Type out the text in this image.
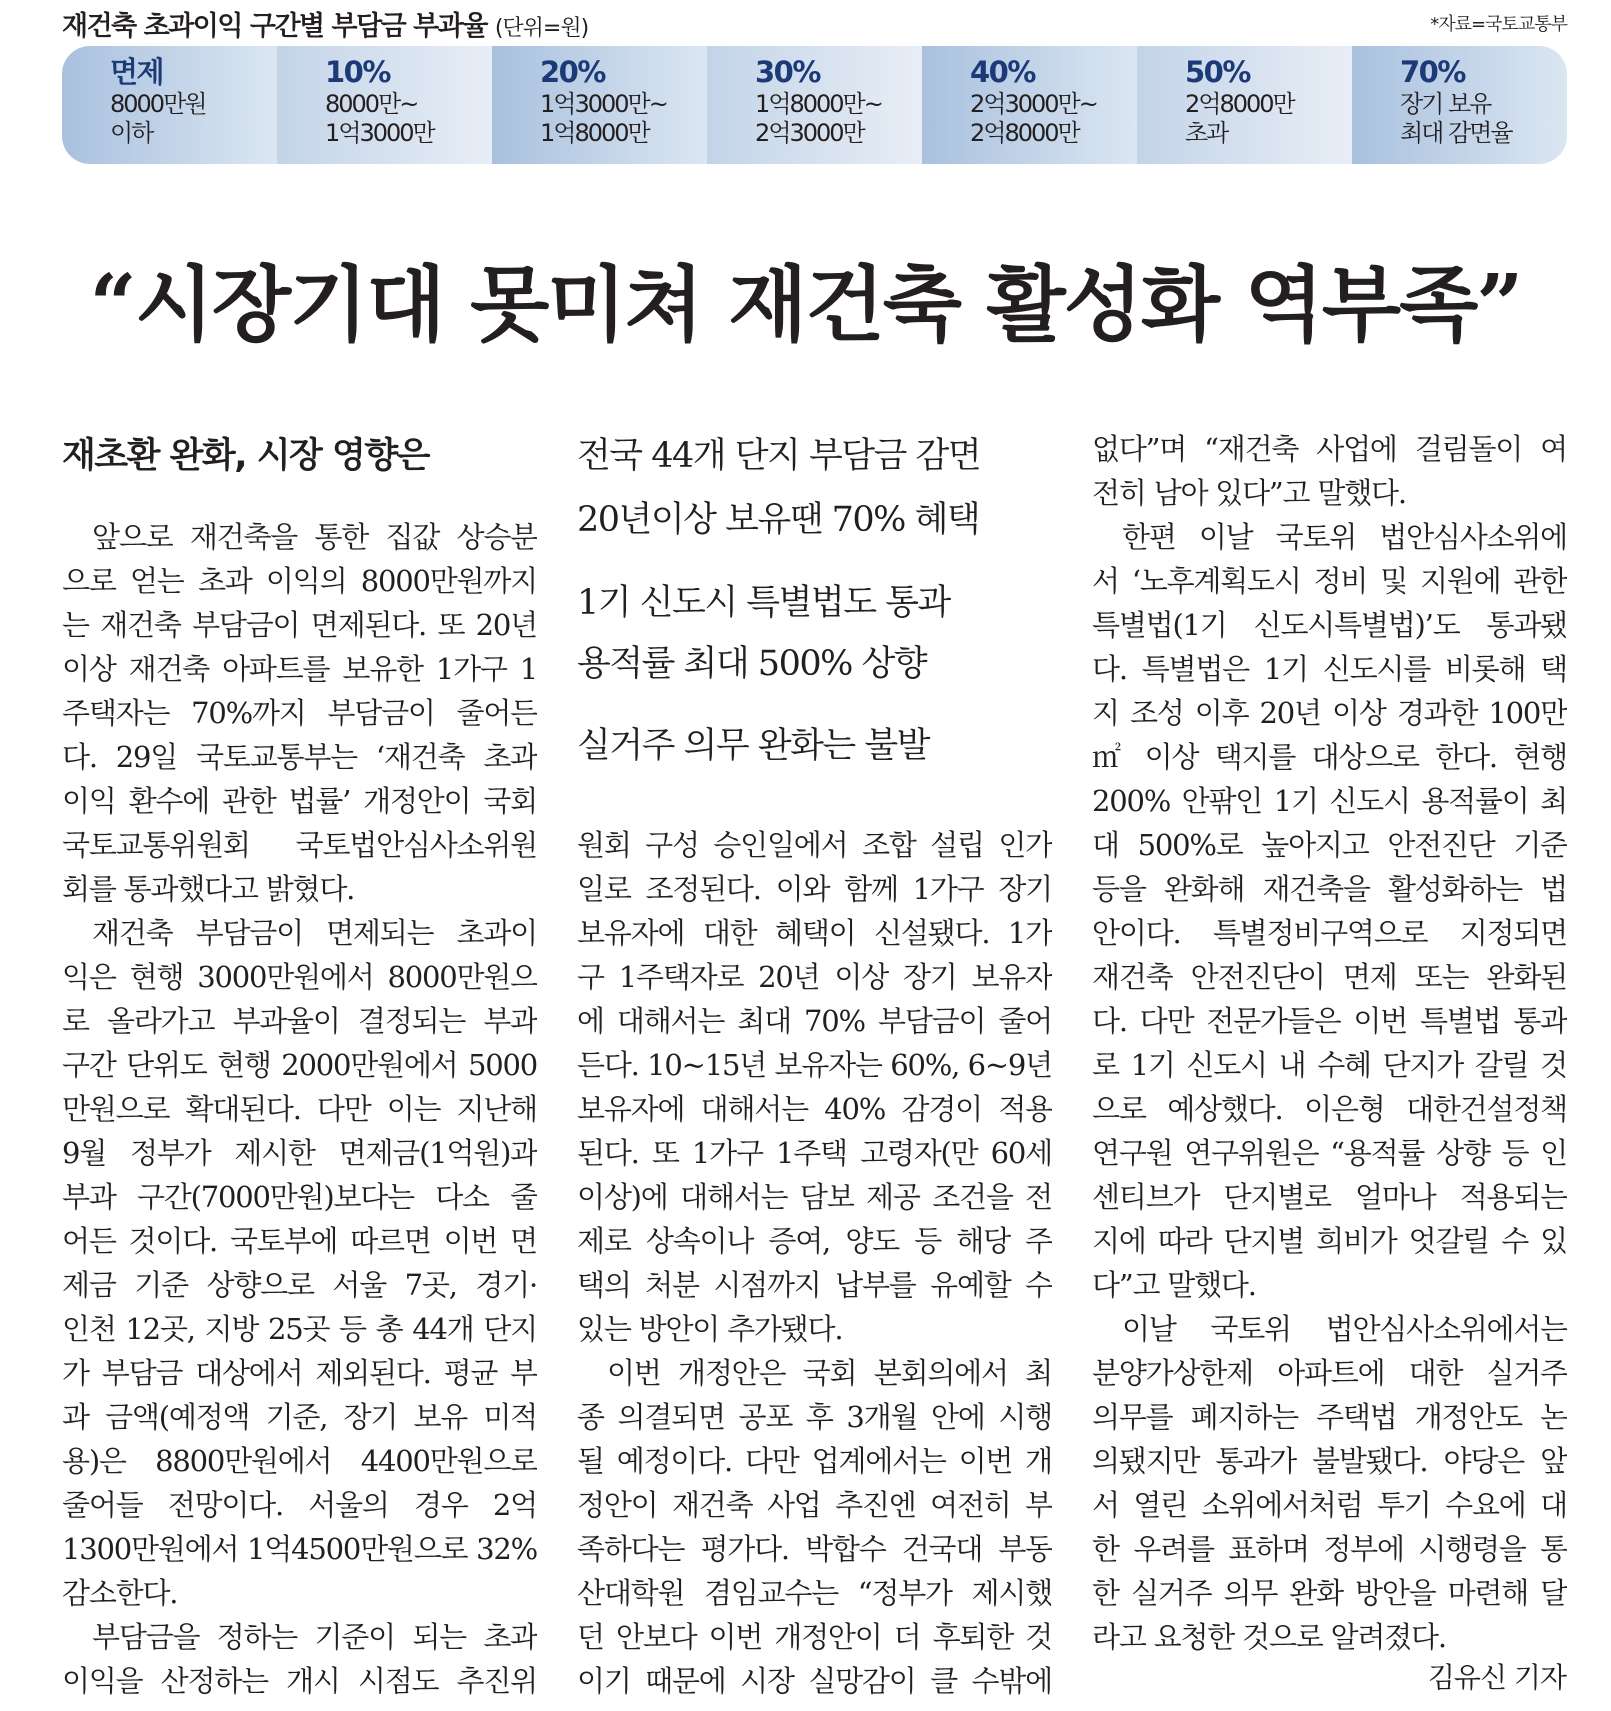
재건축 초과이익 구간별 부담금 부과율 (단위=원)	*자료=국토교통부
면제
8000만원
이하
10%
8000만~
1억3000만
20%
1억3000만~
1억8000만
30%
1억8000만~
2억3000만
40%
2억3000만~
2억8000만
50%
2억8000만
초과
70%
장기 보유
최대 감면율
“시장기대 못미쳐 재건축 활성화 역부족”
재초환 완화, 시장 영향은	전국 44개 단지 부담금 감면
20년이상 보유땐 70% 혜택
1기 신도시 특별법도 통과
용적률 최대 500% 상향
실거주 의무 완화는 불발
앞으로 재건축을 통한 집값 상승분
으로 얻는 초과 이익의 8000만원까지
는 재건축 부담금이 면제된다. 또 20년
이상 재건축 아파트를 보유한 1가구 1
주택자는 70%까지 부담금이 줄어든
다. 29일 국토교통부는 ‘재건축 초과
이익 환수에 관한 법률’ 개정안이 국회
국토교통위원회 국토법안심사소위원
회를 통과했다고 밝혔다.
재건축 부담금이 면제되는 초과이
익은 현행 3000만원에서 8000만원으
로 올라가고 부과율이 결정되는 부과
구간 단위도 현행 2000만원에서 5000
만원으로 확대된다. 다만 이는 지난해
9월 정부가 제시한 면제금(1억원)과
부과 구간(7000만원)보다는 다소 줄
어든 것이다. 국토부에 따르면 이번 면
제금 기준 상향으로 서울 7곳, 경기·
인천 12곳, 지방 25곳 등 총 44개 단지
가 부담금 대상에서 제외된다. 평균 부
과 금액(예정액 기준, 장기 보유 미적
용)은 8800만원에서 4400만원으로
줄어들 전망이다. 서울의 경우 2억
1300만원에서 1억4500만원으로 32%
감소한다.
부담금을 정하는 기준이 되는 초과
이익을 산정하는 개시 시점도 추진위
원회 구성 승인일에서 조합 설립 인가
일로 조정된다. 이와 함께 1가구 장기
보유자에 대한 혜택이 신설됐다. 1가
구 1주택자로 20년 이상 장기 보유자
에 대해서는 최대 70% 부담금이 줄어
든다. 10~15년 보유자는 60%, 6~9년
보유자에 대해서는 40% 감경이 적용
된다. 또 1가구 1주택 고령자(만 60세
이상)에 대해서는 담보 제공 조건을 전
제로 상속이나 증여, 양도 등 해당 주
택의 처분 시점까지 납부를 유예할 수
있는 방안이 추가됐다.
이번 개정안은 국회 본회의에서 최
종 의결되면 공포 후 3개월 안에 시행
될 예정이다. 다만 업계에서는 이번 개
정안이 재건축 사업 추진엔 여전히 부
족하다는 평가다. 박합수 건국대 부동
산대학원 겸임교수는 “정부가 제시했
던 안보다 이번 개정안이 더 후퇴한 것
이기 때문에 시장 실망감이 클 수밖에
없다”며 “재건축 사업에 걸림돌이 여
전히 남아 있다”고 말했다.
한편 이날 국토위 법안심사소위에
서 ‘노후계획도시 정비 및 지원에 관한
특별법(1기 신도시특별법)’도 통과됐
다. 특별법은 1기 신도시를 비롯해 택
지 조성 이후 20년 이상 경과한 100만
㎡ 이상 택지를 대상으로 한다. 현행
200% 안팎인 1기 신도시 용적률이 최
대 500%로 높아지고 안전진단 기준
등을 완화해 재건축을 활성화하는 법
안이다. 특별정비구역으로 지정되면
재건축 안전진단이 면제 또는 완화된
다. 다만 전문가들은 이번 특별법 통과
로 1기 신도시 내 수혜 단지가 갈릴 것
으로 예상했다. 이은형 대한건설정책
연구원 연구위원은 “용적률 상향 등 인
센티브가 단지별로 얼마나 적용되는
지에 따라 단지별 희비가 엇갈릴 수 있
다”고 말했다.
이날 국토위 법안심사소위에서는
분양가상한제 아파트에 대한 실거주
의무를 폐지하는 주택법 개정안도 논
의됐지만 통과가 불발됐다. 야당은 앞
서 열린 소위에서처럼 투기 수요에 대
한 우려를 표하며 정부에 시행령을 통
한 실거주 의무 완화 방안을 마련해 달
라고 요청한 것으로 알려졌다.
김유신 기자
